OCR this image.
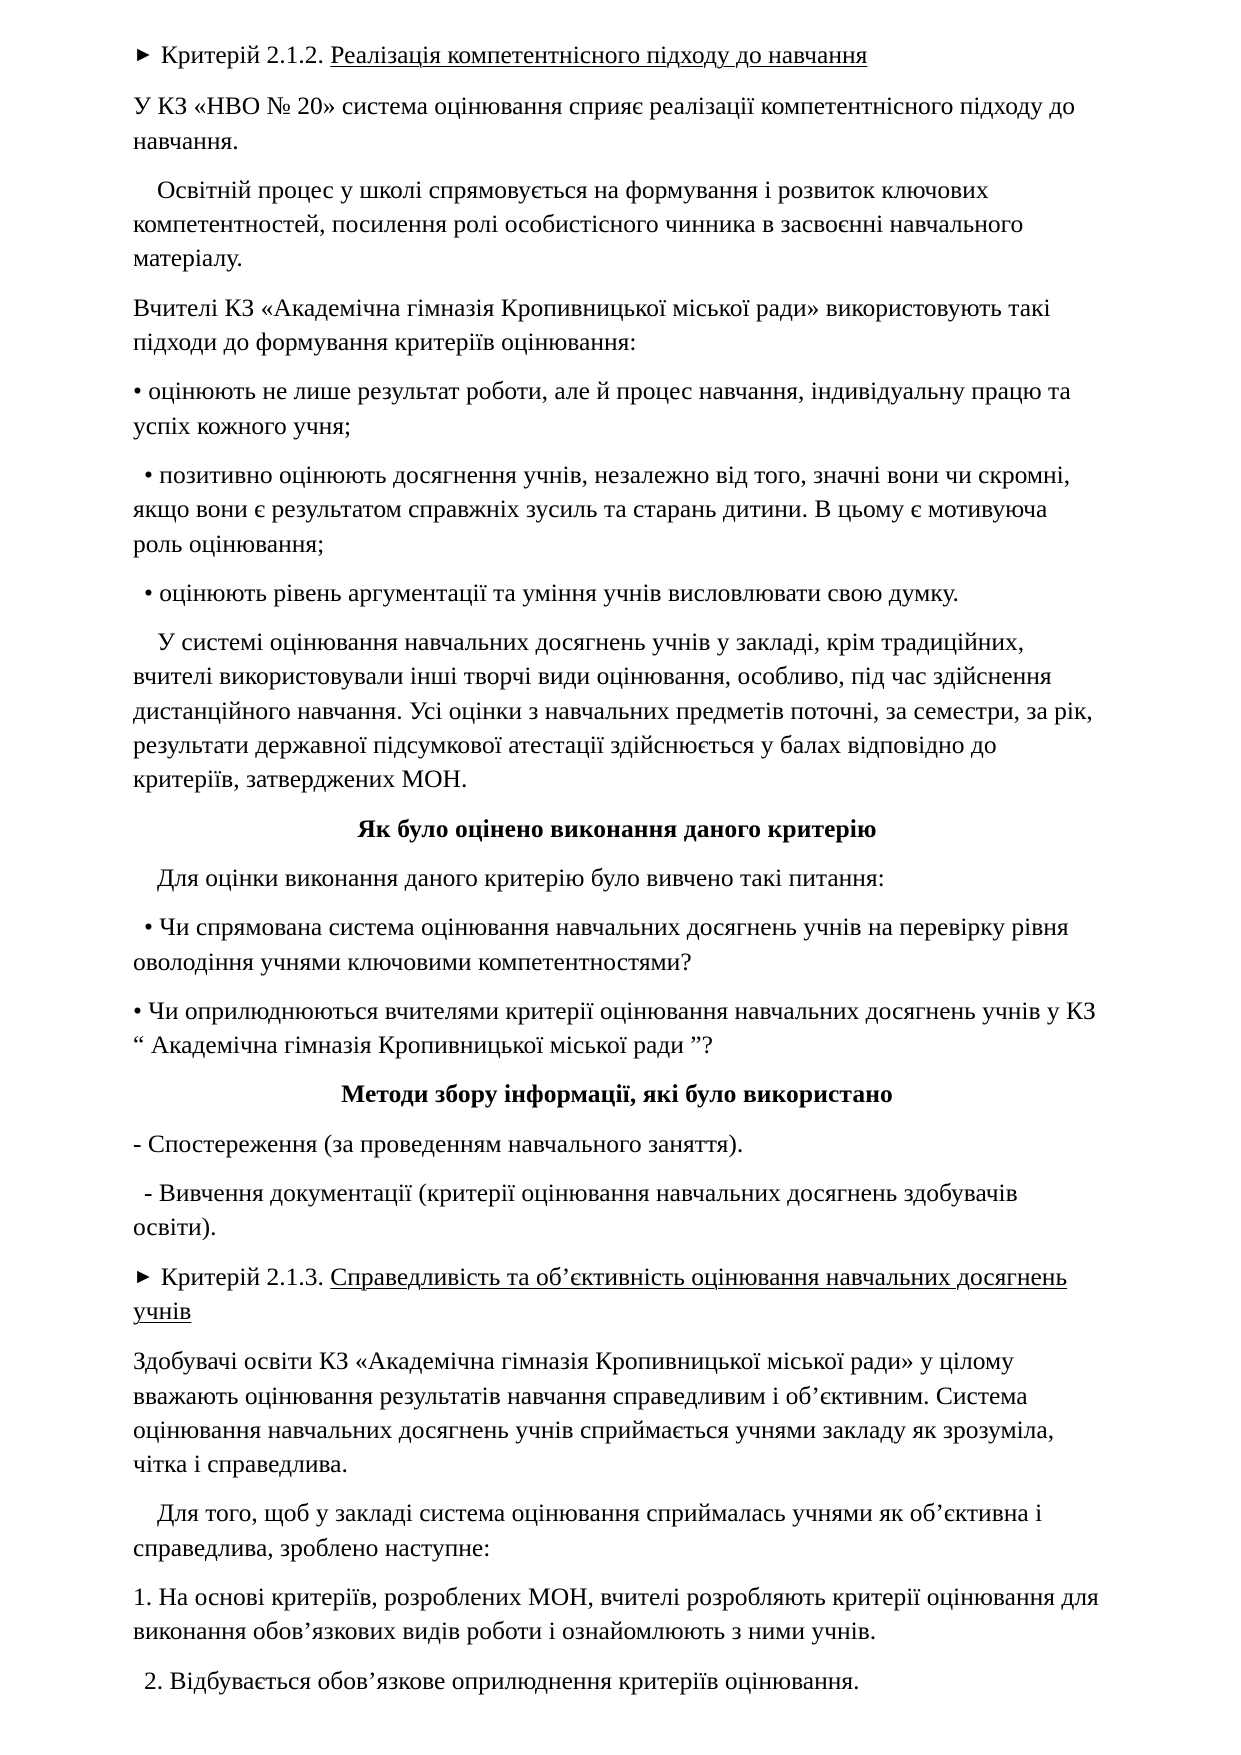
► Критерій 2.1.2. Реалізація компетентнісного підходу до навчання

У КЗ «НВО № 20» система оцінювання сприяє реалізації компетентнісного підходу до навчання.

Освітній процес у школі спрямовується на формування і розвиток ключових компетентностей, посилення ролі особистісного чинника в засвоєнні навчального матеріалу.

Вчителі КЗ «Академічна гімназія Кропивницької міської ради» використовують такі підходи до формування критеріїв оцінювання:

• оцінюють не лише результат роботи, але й процес навчання, індивідуальну працю та успіх кожного учня;

• позитивно оцінюють досягнення учнів, незалежно від того, значні вони чи скромні, якщо вони є результатом справжніх зусиль та старань дитини. В цьому є мотивуюча роль оцінювання;

• оцінюють рівень аргументації та уміння учнів висловлювати свою думку.

У системі оцінювання навчальних досягнень учнів у закладі, крім традиційних, вчителі використовували інші творчі види оцінювання, особливо, під час здійснення дистанційного навчання. Усі оцінки з навчальних предметів поточні, за семестри, за рік, результати державної підсумкової атестації здійснюється у балах відповідно до критеріїв, затверджених МОН.

Як було оцінено виконання даного критерію

Для оцінки виконання даного критерію було вивчено такі питання:

• Чи спрямована система оцінювання навчальних досягнень учнів на перевірку рівня оволодіння учнями ключовими компетентностями?

• Чи оприлюднюються вчителями критерії оцінювання навчальних досягнень учнів у КЗ “ Академічна гімназія Кропивницької міської ради ”?

Методи збору інформації, які було використано

- Спостереження (за проведенням навчального заняття).

- Вивчення документації (критерії оцінювання навчальних досягнень здобувачів освіти).

► Критерій 2.1.3. Справедливість та об’єктивність оцінювання навчальних досягнень учнів

Здобувачі освіти КЗ «Академічна гімназія Кропивницької міської ради» у цілому вважають оцінювання результатів навчання справедливим і об’єктивним. Система оцінювання навчальних досягнень учнів сприймається учнями закладу як зрозуміла, чітка і справедлива.

Для того, щоб у закладі система оцінювання сприймалась учнями як об’єктивна і справедлива, зроблено наступне:

1. На основі критеріїв, розроблених МОН, вчителі розробляють критерії оцінювання для виконання обов’язкових видів роботи і ознайомлюють з ними учнів.

2. Відбувається обов’язкове оприлюднення критеріїв оцінювання.
